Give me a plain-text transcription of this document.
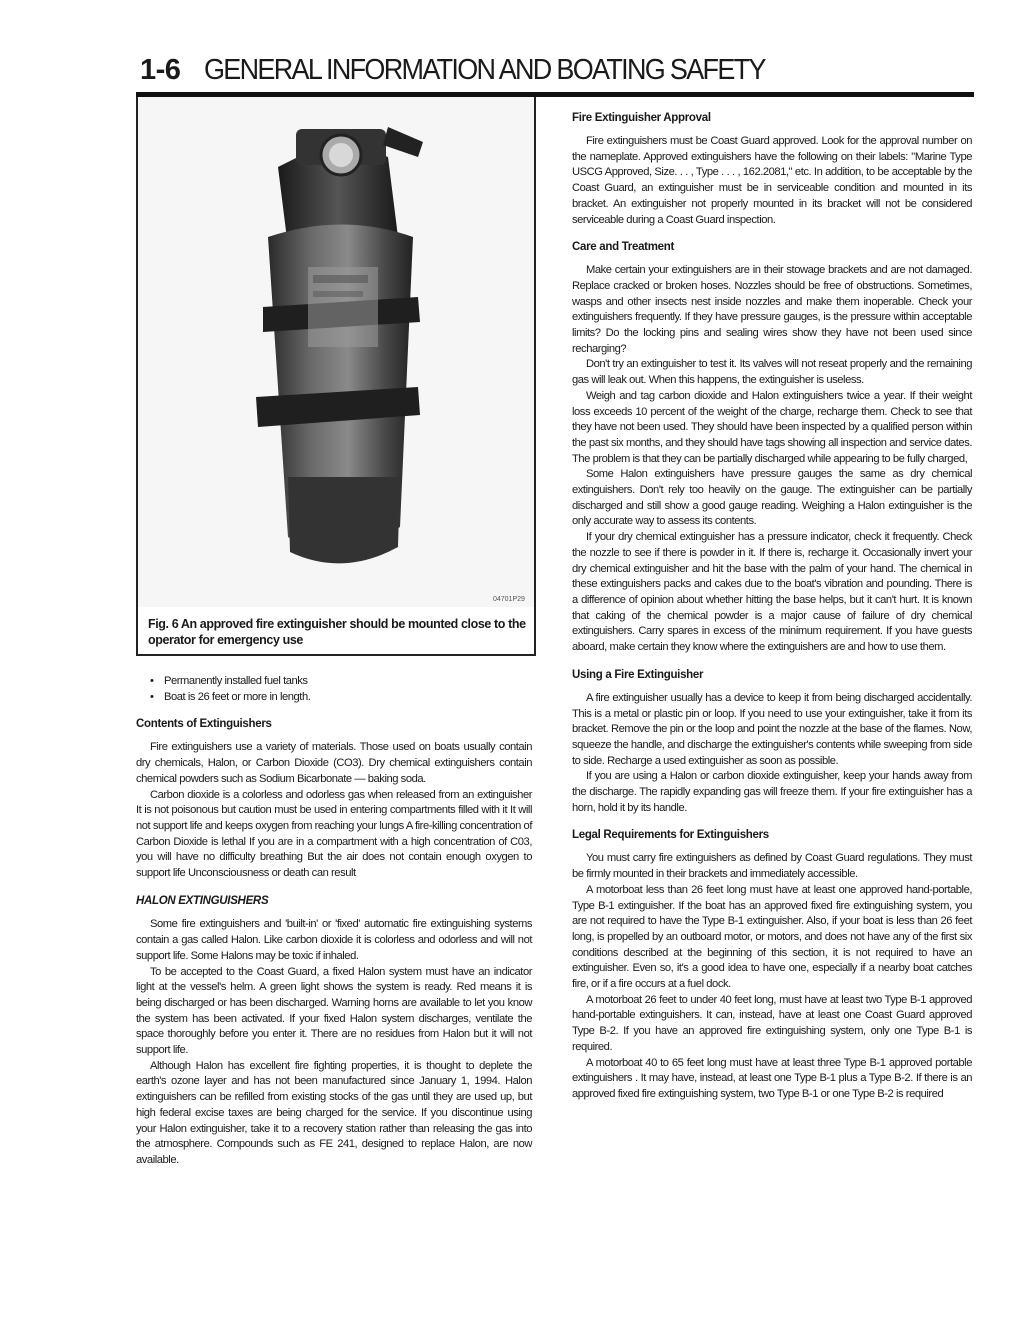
1-6 GENERAL INFORMATION AND BOATING SAFETY
04701P29
Fig. 6 An approved fire extinguisher should be mounted close to the operator for emergency use
• Permanently installed fuel tanks
• Boat is 26 feet or more in length.
Contents of Extinguishers

Fire extinguishers use a variety of materials. Those used on boats usually contain dry chemicals, Halon, or Carbon Dioxide (CO3). Dry chemical extinguishers contain chemical powders such as Sodium Bicarbonate — baking soda.

Carbon dioxide is a colorless and odorless gas when released from an extinguisher It is not poisonous but caution must be used in entering compartments filled with it It will not support life and keeps oxygen from reaching your lungs A fire-killing concentration of Carbon Dioxide is lethal If you are in a compartment with a high concentration of C03, you will have no difficulty breathing But the air does not contain enough oxygen to support life Unconsciousness or death can result

HALON EXTINGUISHERS

Some fire extinguishers and 'built-in' or 'fixed' automatic fire extinguishing systems contain a gas called Halon. Like carbon dioxide it is colorless and odorless and will not support life. Some Halons may be toxic if inhaled.

To be accepted to the Coast Guard, a fixed Halon system must have an indicator light at the vessel's helm. A green light shows the system is ready. Red means it is being discharged or has been discharged. Warning horns are available to let you know the system has been activated. If your fixed Halon system discharges, ventilate the space thoroughly before you enter it. There are no residues from Halon but it will not support life.

Although Halon has excellent fire fighting properties, it is thought to deplete the earth's ozone layer and has not been manufactured since January 1, 1994. Halon extinguishers can be refilled from existing stocks of the gas until they are used up, but high federal excise taxes are being charged for the service. If you discontinue using your Halon extinguisher, take it to a recovery station rather than releasing the gas into the atmosphere. Compounds such as FE 241, designed to replace Halon, are now available.

Fire Extinguisher Approval

Fire extinguishers must be Coast Guard approved. Look for the approval number on the nameplate. Approved extinguishers have the following on their labels: "Marine Type USCG Approved, Size. . . , Type . . . , 162.2081," etc. In addition, to be acceptable by the Coast Guard, an extinguisher must be in serviceable condition and mounted in its bracket. An extinguisher not properly mounted in its bracket will not be considered serviceable during a Coast Guard inspection.

Care and Treatment

Make certain your extinguishers are in their stowage brackets and are not damaged. Replace cracked or broken hoses. Nozzles should be free of obstructions. Sometimes, wasps and other insects nest inside nozzles and make them inoperable. Check your extinguishers frequently. If they have pressure gauges, is the pressure within acceptable limits? Do the locking pins and sealing wires show they have not been used since recharging?

Don't try an extinguisher to test it. Its valves will not reseat properly and the remaining gas will leak out. When this happens, the extinguisher is useless.

Weigh and tag carbon dioxide and Halon extinguishers twice a year. If their weight loss exceeds 10 percent of the weight of the charge, recharge them. Check to see that they have not been used. They should have been inspected by a qualified person within the past six months, and they should have tags showing all inspection and service dates. The problem is that they can be partially discharged while appearing to be fully charged,

Some Halon extinguishers have pressure gauges the same as dry chemical extinguishers. Don't rely too heavily on the gauge. The extinguisher can be partially discharged and still show a good gauge reading. Weighing a Halon extinguisher is the only accurate way to assess its contents.

If your dry chemical extinguisher has a pressure indicator, check it frequently. Check the nozzle to see if there is powder in it. If there is, recharge it. Occasionally invert your dry chemical extinguisher and hit the base with the palm of your hand. The chemical in these extinguishers packs and cakes due to the boat's vibration and pounding. There is a difference of opinion about whether hitting the base helps, but it can't hurt. It is known that caking of the chemical powder is a major cause of failure of dry chemical extinguishers. Carry spares in excess of the minimum requirement. If you have guests aboard, make certain they know where the extinguishers are and how to use them.

Using a Fire Extinguisher

A fire extinguisher usually has a device to keep it from being discharged accidentally. This is a metal or plastic pin or loop. If you need to use your extinguisher, take it from its bracket. Remove the pin or the loop and point the nozzle at the base of the flames. Now, squeeze the handle, and discharge the extinguisher's contents while sweeping from side to side. Recharge a used extinguisher as soon as possible.

If you are using a Halon or carbon dioxide extinguisher, keep your hands away from the discharge. The rapidly expanding gas will freeze them. If your fire extinguisher has a horn, hold it by its handle.

Legal Requirements for Extinguishers

You must carry fire extinguishers as defined by Coast Guard regulations. They must be firmly mounted in their brackets and immediately accessible.

A motorboat less than 26 feet long must have at least one approved hand-portable, Type B-1 extinguisher. If the boat has an approved fixed fire extinguishing system, you are not required to have the Type B-1 extinguisher. Also, if your boat is less than 26 feet long, is propelled by an outboard motor, or motors, and does not have any of the first six conditions described at the beginning of this section, it is not required to have an extinguisher. Even so, it's a good idea to have one, especially if a nearby boat catches fire, or if a fire occurs at a fuel dock.

A motorboat 26 feet to under 40 feet long, must have at least two Type B-1 approved hand-portable extinguishers. It can, instead, have at least one Coast Guard approved Type B-2. If you have an approved fire extinguishing system, only one Type B-1 is required.

A motorboat 40 to 65 feet long must have at least three Type B-1 approved portable extinguishers . It may have, instead, at least one Type B-1 plus a Type B-2. If there is an approved fixed fire extinguishing system, two Type B-1 or one Type B-2 is required
